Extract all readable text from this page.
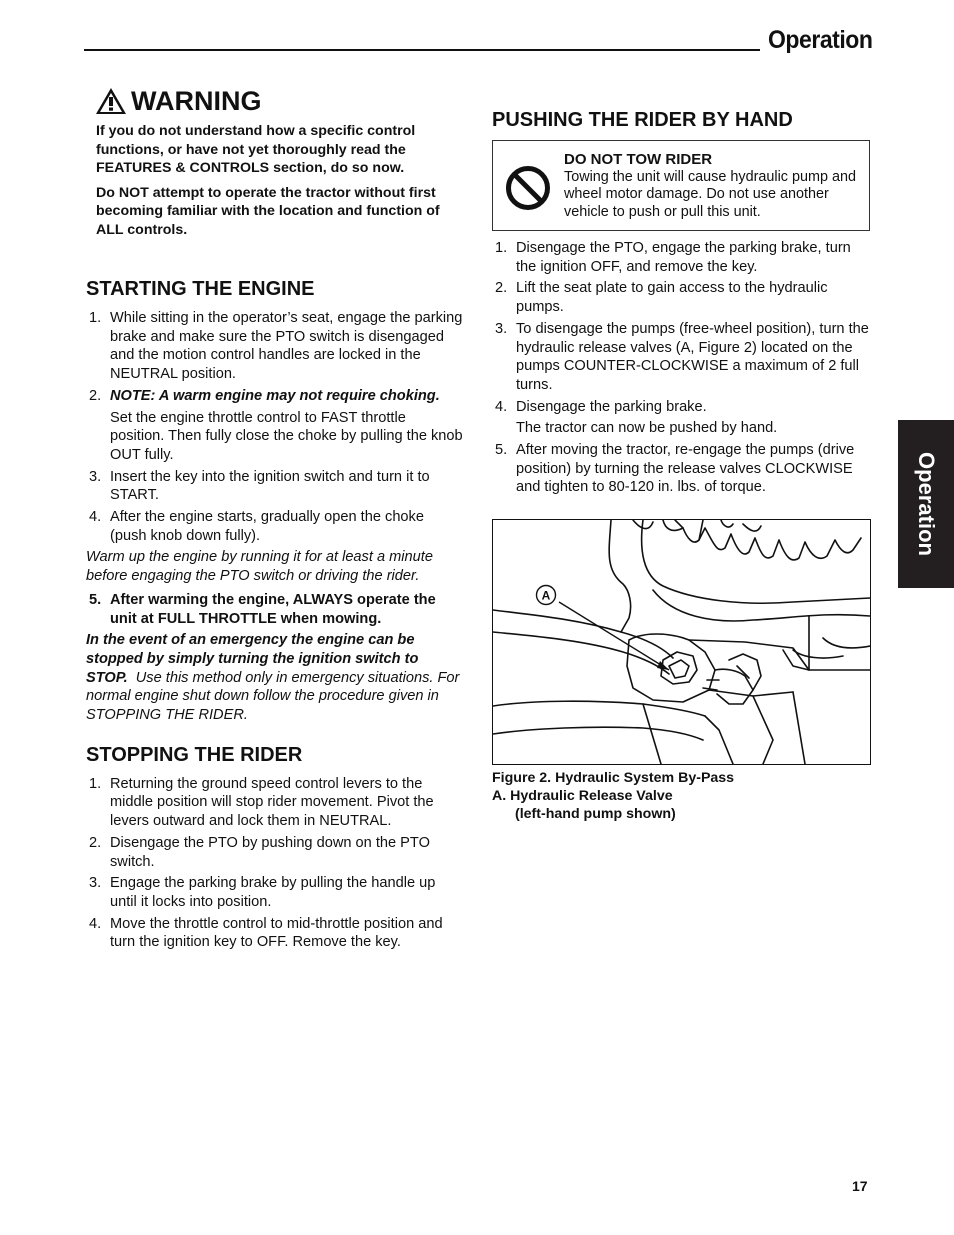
Operation
Operation
WARNING

If you do not understand how a specific control functions, or have not yet thoroughly read the FEATURES & CONTROLS section, do so now.

Do NOT attempt to operate the tractor without first becoming familiar with the location and function of ALL controls.

STARTING THE ENGINE
1. While sitting in the operator’s seat, engage the parking brake and make sure the PTO switch is disengaged and the motion control handles are locked in the NEUTRAL position.
2. NOTE: A warm engine may not require choking.
Set the engine throttle control to FAST throttle position. Then fully close the choke by pulling the knob OUT fully.
3. Insert the key into the ignition switch and turn it to START.
4. After the engine starts, gradually open the choke (push knob down fully).

Warm up the engine by running it for at least a minute before engaging the PTO switch or driving the rider.

5. After warming the engine, ALWAYS operate the unit at FULL THROTTLE when mowing.

In the event of an emergency the engine can be stopped by simply turning the ignition switch to STOP. Use this method only in emergency situations. For normal engine shut down follow the procedure given in STOPPING THE RIDER.

STOPPING THE RIDER
1. Returning the ground speed control levers to the middle position will stop rider movement. Pivot the levers outward and lock them in NEUTRAL.
2. Disengage the PTO by pushing down on the PTO switch.
3. Engage the parking brake by pulling the handle up until it locks into position.
4. Move the throttle control to mid-throttle position and turn the ignition key to OFF. Remove the key.
PUSHING THE RIDER BY HAND
DO NOT TOW RIDER
Towing the unit will cause hydraulic pump and wheel motor damage. Do not use another vehicle to push or pull this unit.
1. Disengage the PTO, engage the parking brake, turn the ignition OFF, and remove the key.
2. Lift the seat plate to gain access to the hydraulic pumps.
3. To disengage the pumps (free-wheel position), turn the hydraulic release valves (A, Figure 2) located on the pumps COUNTER-CLOCKWISE a maximum of 2 full turns.
4. Disengage the parking brake.
The tractor can now be pushed by hand.
5. After moving the tractor, re-engage the pumps (drive position) by turning the release valves CLOCKWISE and tighten to 80-120 in. lbs. of torque.
A
Figure 2. Hydraulic System By-Pass
A. Hydraulic Release Valve
(left-hand pump shown)
17
